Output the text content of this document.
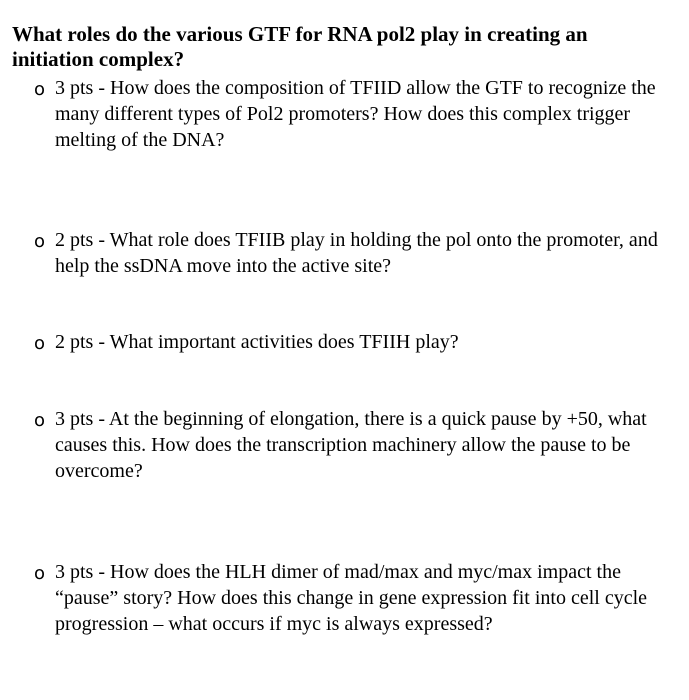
What roles do the various GTF for RNA pol2 play in creating an initiation complex?

o 3 pts - How does the composition of TFIID allow the GTF to recognize the many different types of Pol2 promoters? How does this complex trigger melting of the DNA?
o 2 pts - What role does TFIIB play in holding the pol onto the promoter, and help the ssDNA move into the active site?
o 2 pts - What important activities does TFIIH play?
o 3 pts - At the beginning of elongation, there is a quick pause by +50, what causes this. How does the transcription machinery allow the pause to be overcome?
o 3 pts - How does the HLH dimer of mad/max and myc/max impact the “pause” story? How does this change in gene expression fit into cell cycle progression – what occurs if myc is always expressed?
